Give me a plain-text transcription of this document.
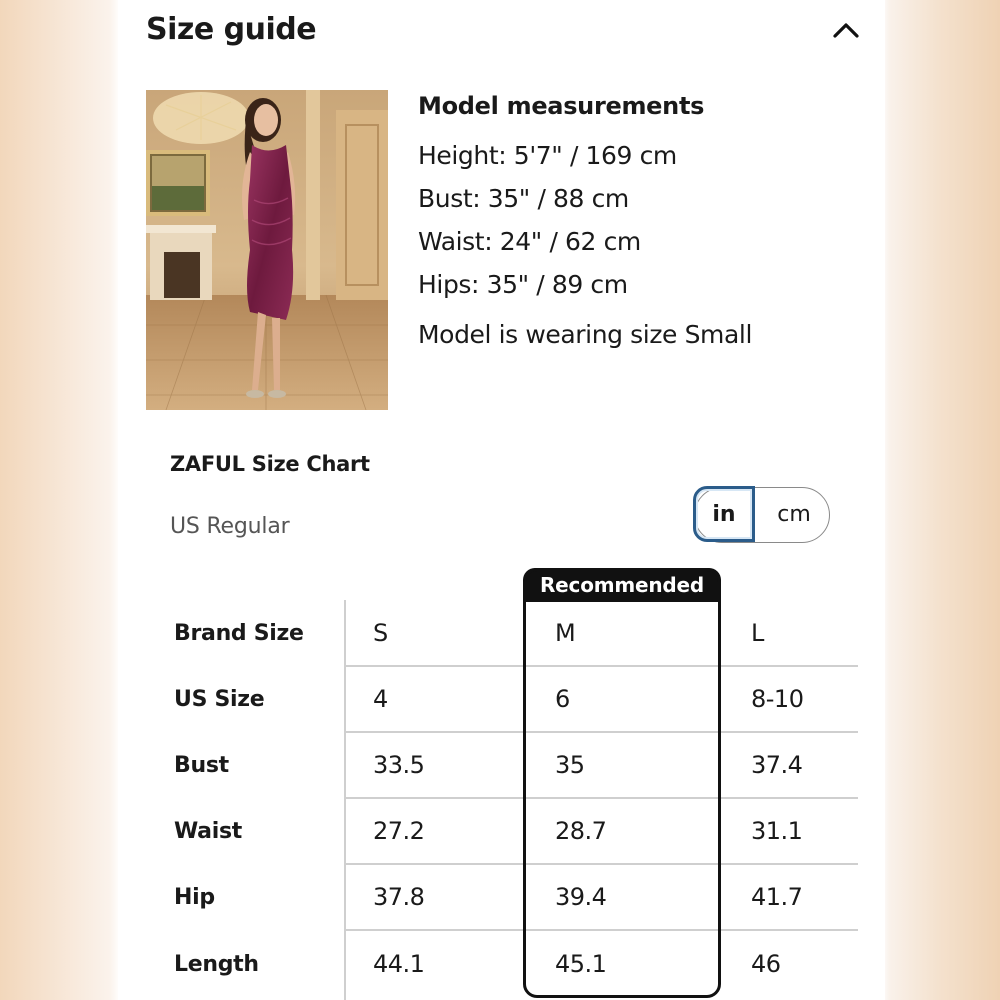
Size guide
Model measurements
Height: 5'7" / 169 cm
Bust: 35" / 88 cm
Waist: 24" / 62 cm
Hips: 35" / 89 cm
Model is wearing size Small
ZAFUL Size Chart
US Regular	in	cm
Recommended
Brand Size	S	M	L
US Size	4	6	8-10
Bust	33.5	35	37.4
Waist	27.2	28.7	31.1
Hip	37.8	39.4	41.7
Length	44.1	45.1	46
